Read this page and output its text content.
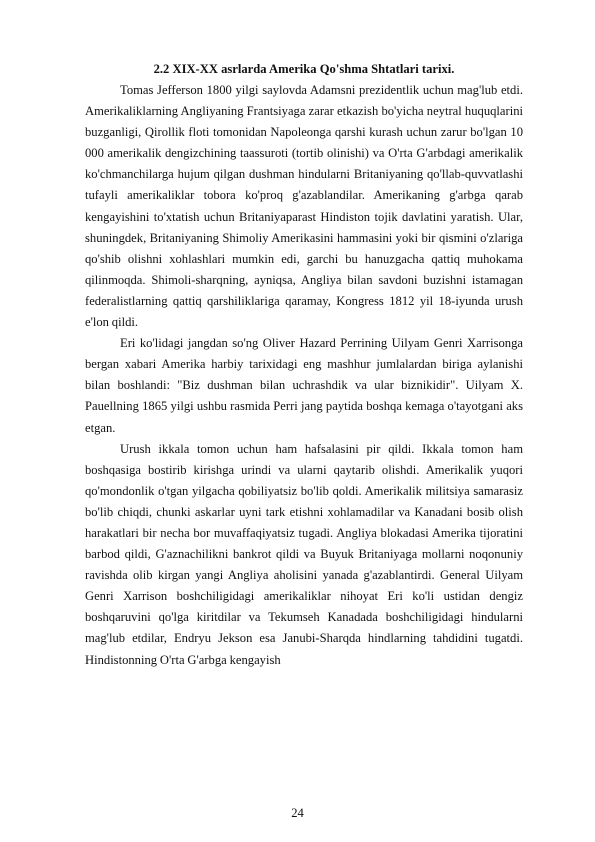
2.2 XIX-XX asrlarda Amerika Qo'shma Shtatlari tarixi.

Tomas Jefferson 1800 yilgi saylovda Adamsni prezidentlik uchun mag'lub etdi. Amerikaliklarning Angliyaning Frantsiyaga zarar etkazish bo'yicha neytral huquqlarini buzganligi, Qirollik floti tomonidan Napoleonga qarshi kurash uchun zarur bo'lgan 10 000 amerikalik dengizchining taassuroti (tortib olinishi) va O'rta G'arbdagi amerikalik ko'chmanchilarga hujum qilgan dushman hindularni Britaniyaning qo'llab-quvvatlashi tufayli amerikaliklar tobora ko'proq g'azablandilar. Amerikaning g'arbga qarab kengayishini to'xtatish uchun Britaniyaparast Hindiston tojik davlatini yaratish. Ular, shuningdek, Britaniyaning Shimoliy Amerikasini hammasini yoki bir qismini o'zlariga qo'shib olishni xohlashlari mumkin edi, garchi bu hanuzgacha qattiq muhokama qilinmoqda. Shimoli-sharqning, ayniqsa, Angliya bilan savdoni buzishni istamagan federalistlarning qattiq qarshiliklariga qaramay, Kongress 1812 yil 18-iyunda urush e'lon qildi.

Eri ko'lidagi jangdan so'ng Oliver Hazard Perrining Uilyam Genri Xarrisonga bergan xabari Amerika harbiy tarixidagi eng mashhur jumlalardan biriga aylanishi bilan boshlandi: "Biz dushman bilan uchrashdik va ular biznikidir". Uilyam X. Pauellning 1865 yilgi ushbu rasmida Perri jang paytida boshqa kemaga o'tayotgani aks etgan.

Urush ikkala tomon uchun ham hafsalasini pir qildi. Ikkala tomon ham boshqasiga bostirib kirishga urindi va ularni qaytarib olishdi. Amerikalik yuqori qo'mondonlik o'tgan yilgacha qobiliyatsiz bo'lib qoldi. Amerikalik militsiya samarasiz bo'lib chiqdi, chunki askarlar uyni tark etishni xohlamadilar va Kanadani bosib olish harakatlari bir necha bor muvaffaqiyatsiz tugadi. Angliya blokadasi Amerika tijoratini barbod qildi, G'aznachilikni bankrot qildi va Buyuk Britaniyaga mollarni noqonuniy ravishda olib kirgan yangi Angliya aholisini yanada g'azablantirdi. General Uilyam Genri Xarrison boshchiligidagi amerikaliklar nihoyat Eri ko'li ustidan dengiz boshqaruvini qo'lga kiritdilar va Tekumseh Kanadada boshchiligidagi hindularni mag'lub etdilar, Endryu Jekson esa Janubi-Sharqda hindlarning tahdidini tugatdi. Hindistonning O'rta G'arbga kengayish

24
